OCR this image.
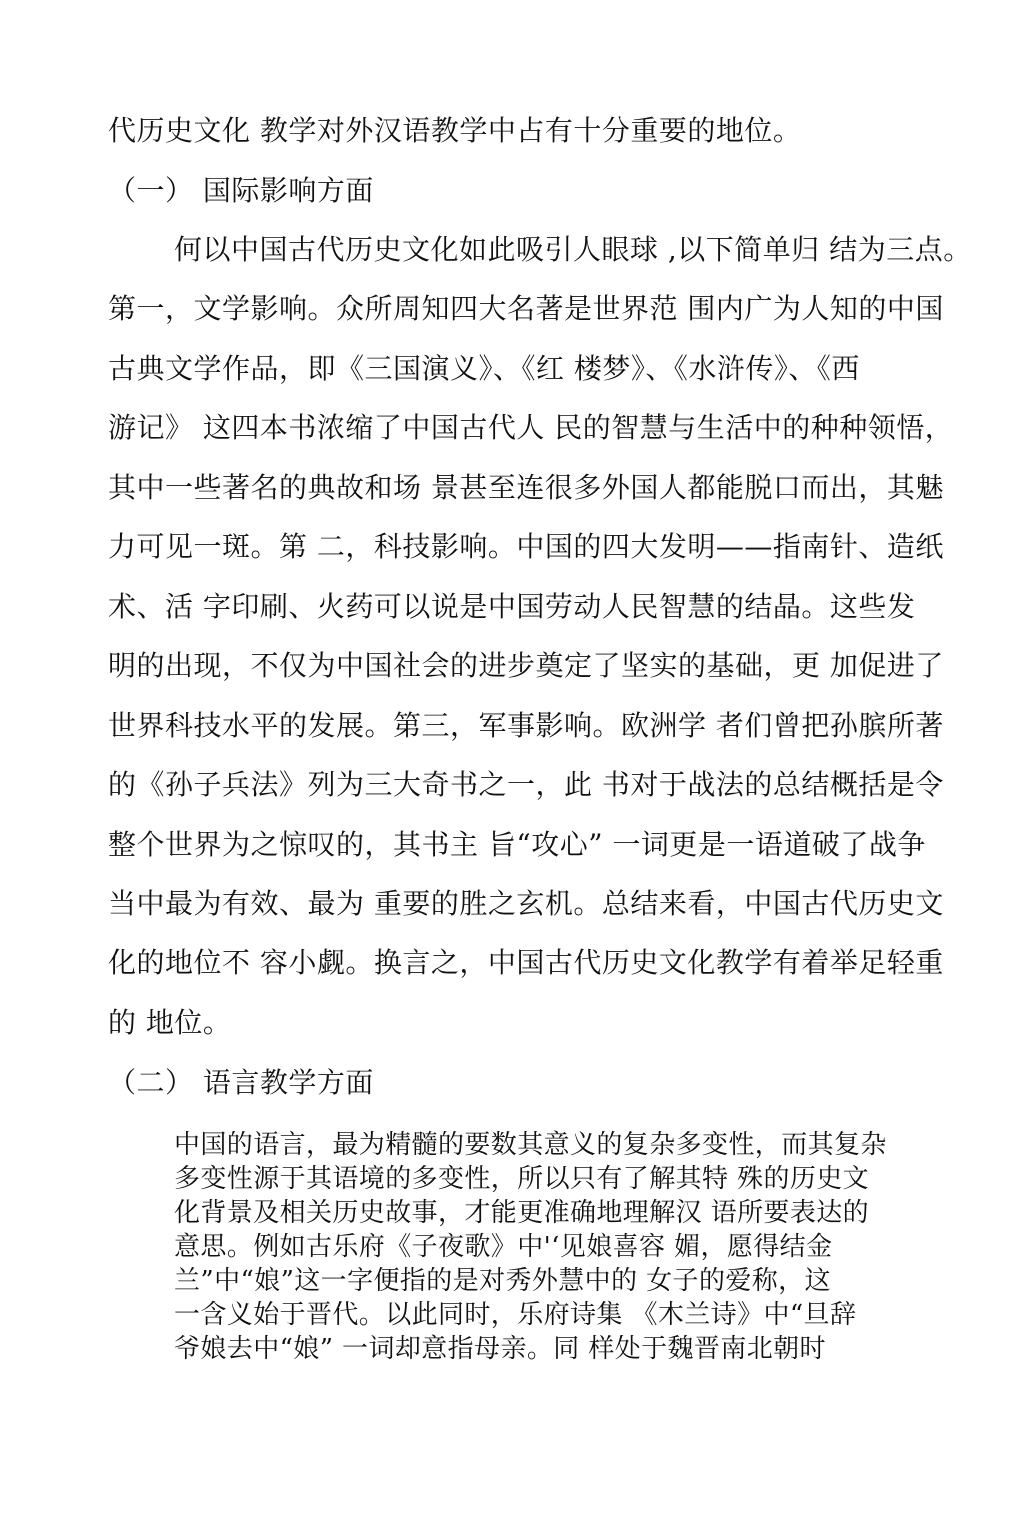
代历史文化 教学对外汉语教学中占有十分重要的地位。
（一） 国际影响方面
何以中国古代历史文化如此吸引人眼球 ,以下简单归 结为三点。
第一，文学影响。众所周知四大名著是世界范 围内广为人知的中国
古典文学作品，即《三国演义》、《红 楼梦》、《水浒传》、《西
游记》 这四本书浓缩了中国古代人 民的智慧与生活中的种种领悟，
其中一些著名的典故和场 景甚至连很多外国人都能脱口而出，其魅
力可见一斑。第 二，科技影响。中国的四大发明——指南针、造纸
术、活 字印刷、火药可以说是中国劳动人民智慧的结晶。这些发
明的出现，不仅为中国社会的进步奠定了坚实的基础，更 加促进了
世界科技水平的发展。第三，军事影响。欧洲学 者们曾把孙膑所著
的《孙子兵法》列为三大奇书之一，此 书对于战法的总结概括是令
整个世界为之惊叹的，其书主 旨“攻心” 一词更是一语道破了战争
当中最为有效、最为 重要的胜之玄机。总结来看，中国古代历史文
化的地位不 容小觑。换言之，中国古代历史文化教学有着举足轻重
的 地位。
（二） 语言教学方面
中国的语言，最为精髓的要数其意义的复杂多变性，而其复杂
多变性源于其语境的多变性，所以只有了解其特 殊的历史文
化背景及相关历史故事，才能更准确地理解汉 语所要表达的
意思。例如古乐府《子夜歌》中'‘见娘喜容 媚，愿得结金
兰”中“娘”这一字便指的是对秀外慧中的 女子的爱称，这
一含义始于晋代。以此同时，乐府诗集 《木兰诗》中“旦辞
爷娘去中“娘” 一词却意指母亲。同 样处于魏晋南北朝时
